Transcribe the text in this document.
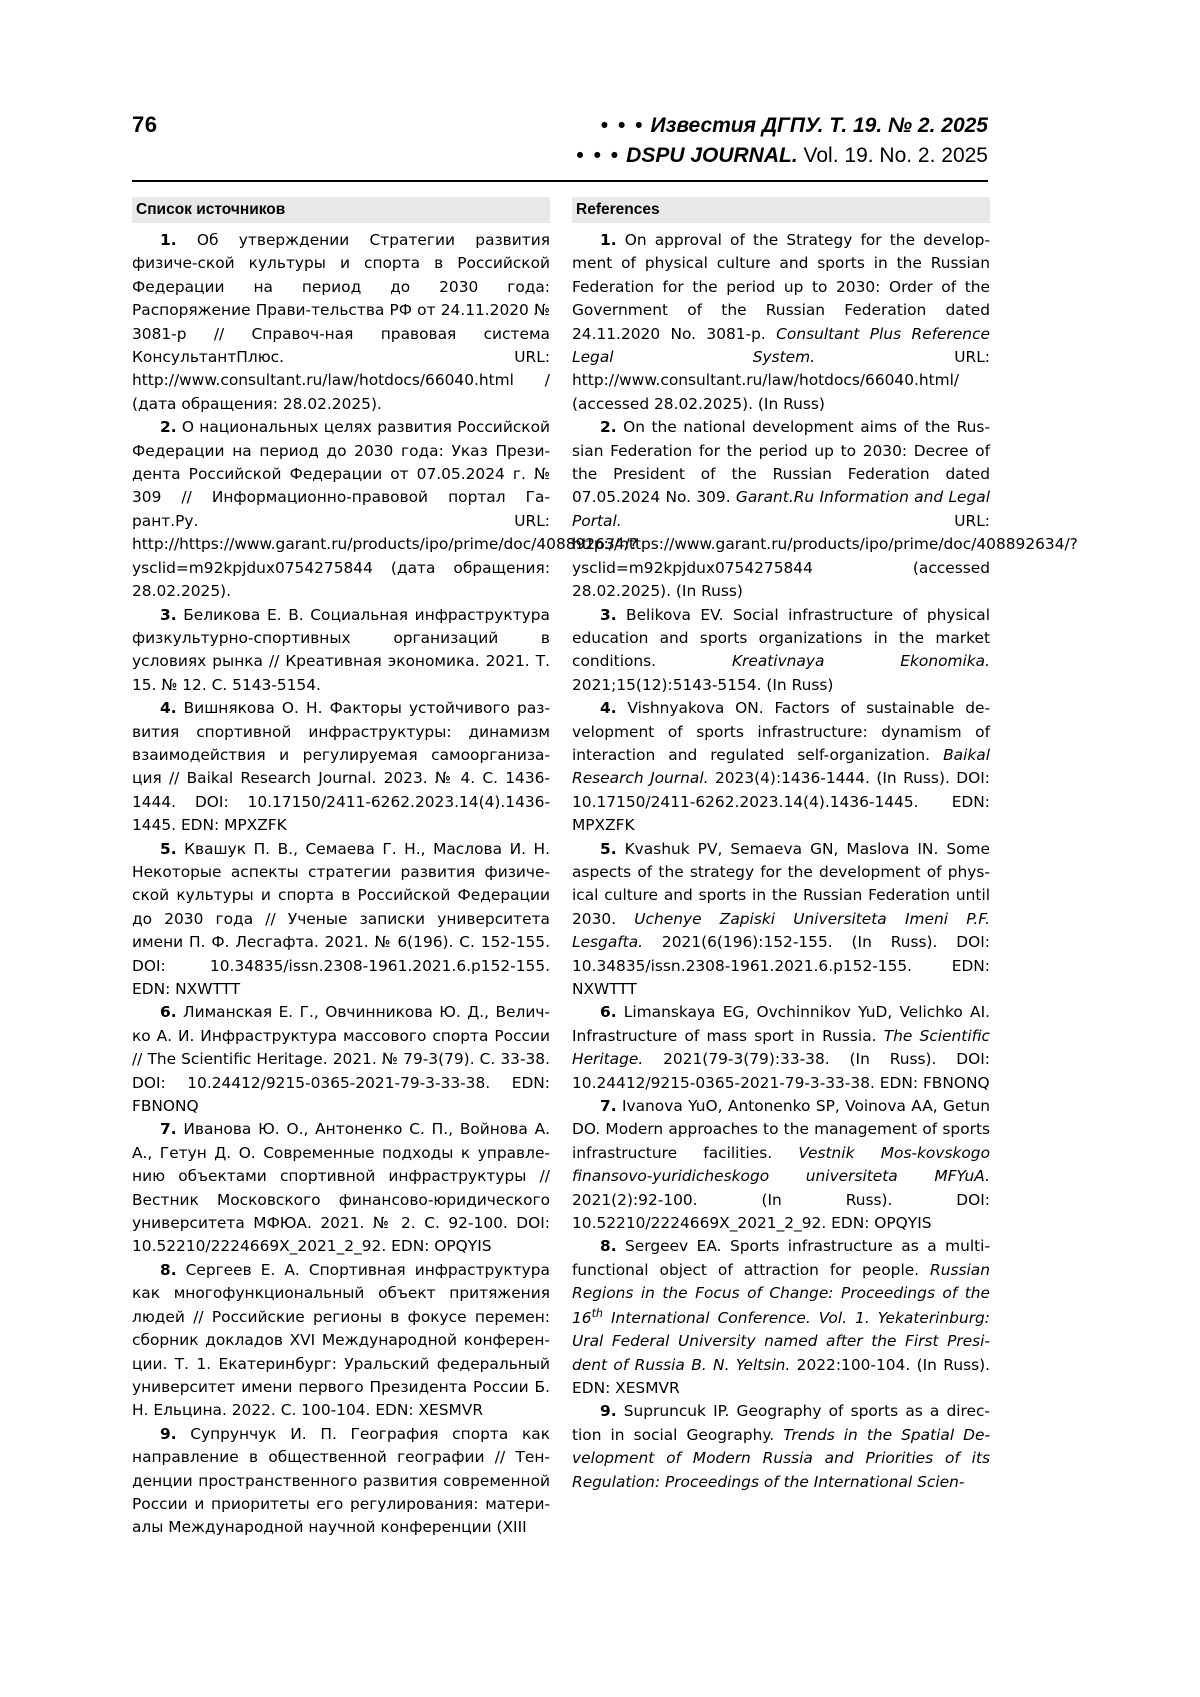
76	• • • Известия ДГПУ. Т. 19. № 2. 2025
• • • DSPU JOURNAL. Vol. 19. No. 2. 2025
Список источников

1. Об утверждении Стратегии развития физиче-ской культуры и спорта в Российской Федерации на период до 2030 года: Распоряжение Прави-тельства РФ от 24.11.2020 № 3081-р // Справоч-ная правовая система КонсультантПлюс. URL: http://www.consultant.ru/law/hotdocs/66040.html / (дата обращения: 28.02.2025).

2. О национальных целях развития Российской Федерации на период до 2030 года: Указ Прези-дента Российской Федерации от 07.05.2024 г. № 309 // Информационно-правовой портал Га-рант.Ру. URL: http://https://www.garant.ru/products/ipo/prime/doc/408892634/?ysclid=m92kpjdux0754275844 (дата обращения: 28.02.2025).

3. Беликова Е. В. Социальная инфраструктура физкультурно-спортивных организаций в условиях рынка // Креативная экономика. 2021. Т. 15. № 12. С. 5143-5154.

4. Вишнякова О. Н. Факторы устойчивого раз-вития спортивной инфраструктуры: динамизм взаимодействия и регулируемая самоорганиза-ция // Baikal Research Journal. 2023. № 4. С. 1436-1444. DOI: 10.17150/2411-6262.2023.14(4).1436-1445. EDN: MPXZFK

5. Квашук П. В., Семаева Г. Н., Маслова И. Н. Некоторые аспекты стратегии развития физиче-ской культуры и спорта в Российской Федерации до 2030 года // Ученые записки университета имени П. Ф. Лесгафта. 2021. № 6(196). С. 152-155. DOI: 10.34835/issn.2308-1961.2021.6.p152-155. EDN: NXWTTT

6. Лиманская Е. Г., Овчинникова Ю. Д., Велич-ко А. И. Инфраструктура массового спорта России // The Scientific Heritage. 2021. № 79-3(79). С. 33-38. DOI: 10.24412/9215-0365-2021-79-3-33-38. EDN: FBNONQ

7. Иванова Ю. О., Антоненко С. П., Войнова А. А., Гетун Д. О. Современные подходы к управле-нию объектами спортивной инфраструктуры // Вестник Московского финансово-юридического университета МФЮА. 2021. № 2. С. 92-100. DOI: 10.52210/2224669X_2021_2_92. EDN: OPQYIS

8. Сергеев Е. А. Спортивная инфраструктура как многофункциональный объект притяжения людей // Российские регионы в фокусе перемен: сборник докладов XVI Международной конферен-ции. Т. 1. Екатеринбург: Уральский федеральный университет имени первого Президента России Б. Н. Ельцина. 2022. С. 100-104. EDN: XESMVR

9. Супрунчук И. П. География спорта как направление в общественной географии // Тен-денции пространственного развития современной России и приоритеты его регулирования: матери-алы Международной научной конференции (XIII

References

1. On approval of the Strategy for the develop-ment of physical culture and sports in the Russian Federation for the period up to 2030: Order of the Government of the Russian Federation dated 24.11.2020 No. 3081-p. Consultant Plus Reference Legal System. URL: http://www.consultant.ru/law/hotdocs/66040.html/ (accessed 28.02.2025). (In Russ)

2. On the national development aims of the Rus-sian Federation for the period up to 2030: Decree of the President of the Russian Federation dated 07.05.2024 No. 309. Garant.Ru Information and Legal Portal. URL: http://https://www.garant.ru/products/ipo/prime/doc/408892634/?ysclid=m92kpjdux0754275844 (accessed 28.02.2025). (In Russ)

3. Belikova EV. Social infrastructure of physical education and sports organizations in the market conditions. Kreativnaya Ekonomika. 2021;15(12):5143-5154. (In Russ)

4. Vishnyakova ON. Factors of sustainable de-velopment of sports infrastructure: dynamism of interaction and regulated self-organization. Baikal Research Journal. 2023(4):1436-1444. (In Russ). DOI: 10.17150/2411-6262.2023.14(4).1436-1445. EDN: MPXZFK

5. Kvashuk PV, Semaeva GN, Maslova IN. Some aspects of the strategy for the development of phys-ical culture and sports in the Russian Federation until 2030. Uchenye Zapiski Universiteta Imeni P.F. Lesgafta. 2021(6(196):152-155. (In Russ). DOI: 10.34835/issn.2308-1961.2021.6.p152-155. EDN: NXWTTT

6. Limanskaya EG, Ovchinnikov YuD, Velichko AI. Infrastructure of mass sport in Russia. The Scientific Heritage. 2021(79-3(79):33-38. (In Russ). DOI: 10.24412/9215-0365-2021-79-3-33-38. EDN: FBNONQ

7. Ivanova YuO, Antonenko SP, Voinova AA, Getun DO. Modern approaches to the management of sports infrastructure facilities. Vestnik Mos-kovskogo finansovo-yuridicheskogo universiteta MFYuA. 2021(2):92-100. (In Russ). DOI: 10.52210/2224669X_2021_2_92. EDN: OPQYIS

8. Sergeev EA. Sports infrastructure as a multi-functional object of attraction for people. Russian Regions in the Focus of Change: Proceedings of the 16th International Conference. Vol. 1. Yekaterinburg: Ural Federal University named after the First Presi-dent of Russia B. N. Yeltsin. 2022:100-104. (In Russ). EDN: XESMVR

9. Supruncuk IP. Geography of sports as a direc-tion in social Geography. Trends in the Spatial De-velopment of Modern Russia and Priorities of its Regulation: Proceedings of the International Scien-
